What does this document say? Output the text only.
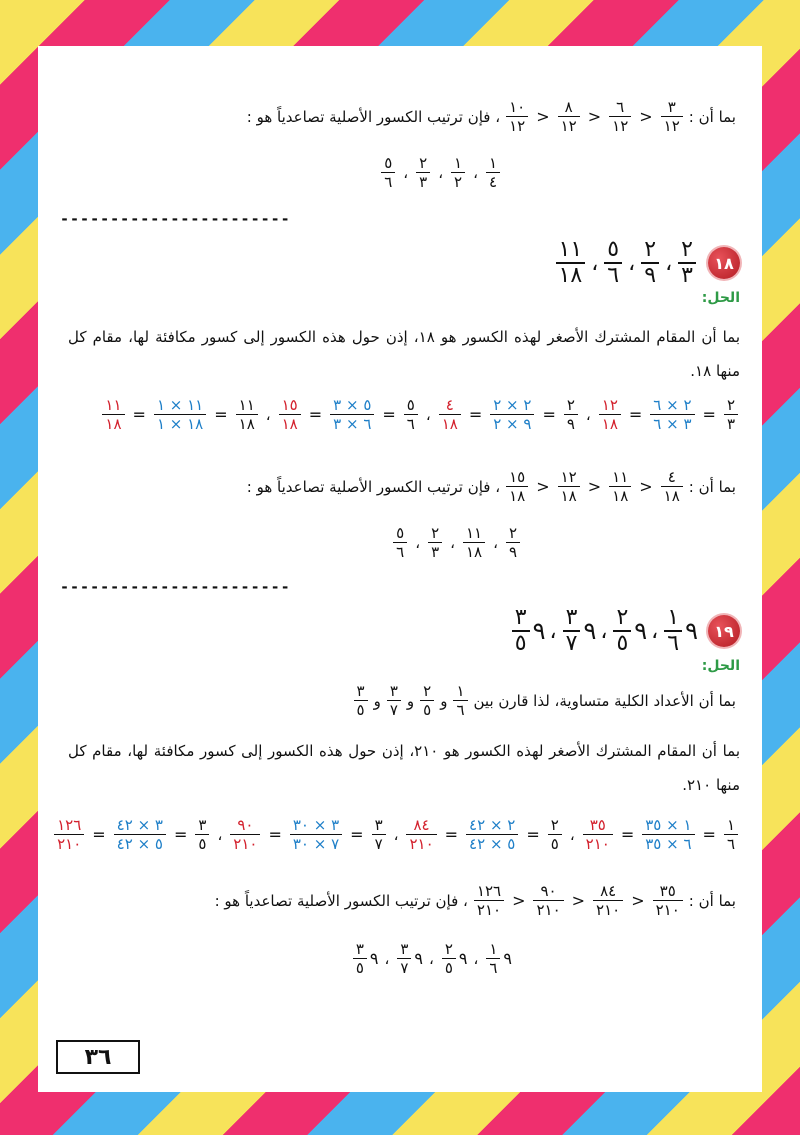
بما أن :
$\frac{٣}{١٢}$
<
$\frac{٦}{١٢}$
<
$\frac{٨}{١٢}$
<
$\frac{١٠}{١٢}$
، فإن ترتيب الكسور الأصلية تصاعدياً هو :
$\frac{١}{٤}$
،
$\frac{١}{٢}$
،
$\frac{٢}{٣}$
،
$\frac{٥}{٦}$
-----------------------
١٨
$\frac{٢}{٣}$
،
$\frac{٢}{٩}$
،
$\frac{٥}{٦}$
،
$\frac{١١}{١٨}$
الحل:
بما أن المقام المشترك الأصغر لهذه الكسور هو ١٨، إذن حول هذه الكسور إلى كسور مكافئة لها، مقام كل منها ١٨.
$\frac{٢}{٣}$
=
$\frac{٢ \times ٦}{٣ \times ٦}$
=
$\frac{١٢}{١٨}$
،
$\frac{٢}{٩}$
=
$\frac{٢ \times ٢}{٩ \times ٢}$
=
$\frac{٤}{١٨}$
،
$\frac{٥}{٦}$
=
$\frac{٥ \times ٣}{٦ \times ٣}$
=
$\frac{١٥}{١٨}$
،
$\frac{١١}{١٨}$
=
$\frac{١١ \times ١}{١٨ \times ١}$
=
$\frac{١١}{١٨}$
بما أن :
$\frac{٤}{١٨}$
<
$\frac{١١}{١٨}$
<
$\frac{١٢}{١٨}$
<
$\frac{١٥}{١٨}$
، فإن ترتيب الكسور الأصلية تصاعدياً هو :
$\frac{٢}{٩}$
،
$\frac{١١}{١٨}$
،
$\frac{٢}{٣}$
،
$\frac{٥}{٦}$
-----------------------
١٩
٩
$\frac{١}{٦}$
،
٩
$\frac{٢}{٥}$
،
٩
$\frac{٣}{٧}$
،
٩
$\frac{٣}{٥}$
الحل:
بما أن الأعداد الكلية متساوية، لذا قارن بين
$\frac{١}{٦}$
و
$\frac{٢}{٥}$
و
$\frac{٣}{٧}$
و
$\frac{٣}{٥}$
بما أن المقام المشترك الأصغر لهذه الكسور هو ٢١٠، إذن حول هذه الكسور إلى كسور مكافئة لها، مقام كل منها ٢١٠.
$\frac{١}{٦}$
=
$\frac{١ \times ٣٥}{٦ \times ٣٥}$
=
$\frac{٣٥}{٢١٠}$
،
$\frac{٢}{٥}$
=
$\frac{٢ \times ٤٢}{٥ \times ٤٢}$
=
$\frac{٨٤}{٢١٠}$
،
$\frac{٣}{٧}$
=
$\frac{٣ \times ٣٠}{٧ \times ٣٠}$
=
$\frac{٩٠}{٢١٠}$
،
$\frac{٣}{٥}$
=
$\frac{٣ \times ٤٢}{٥ \times ٤٢}$
=
$\frac{١٢٦}{٢١٠}$
بما أن :
$\frac{٣٥}{٢١٠}$
<
$\frac{٨٤}{٢١٠}$
<
$\frac{٩٠}{٢١٠}$
<
$\frac{١٢٦}{٢١٠}$
، فإن ترتيب الكسور الأصلية تصاعدياً هو :
٩
$\frac{١}{٦}$
،
٩
$\frac{٢}{٥}$
،
٩
$\frac{٣}{٧}$
،
٩
$\frac{٣}{٥}$
٣٦
